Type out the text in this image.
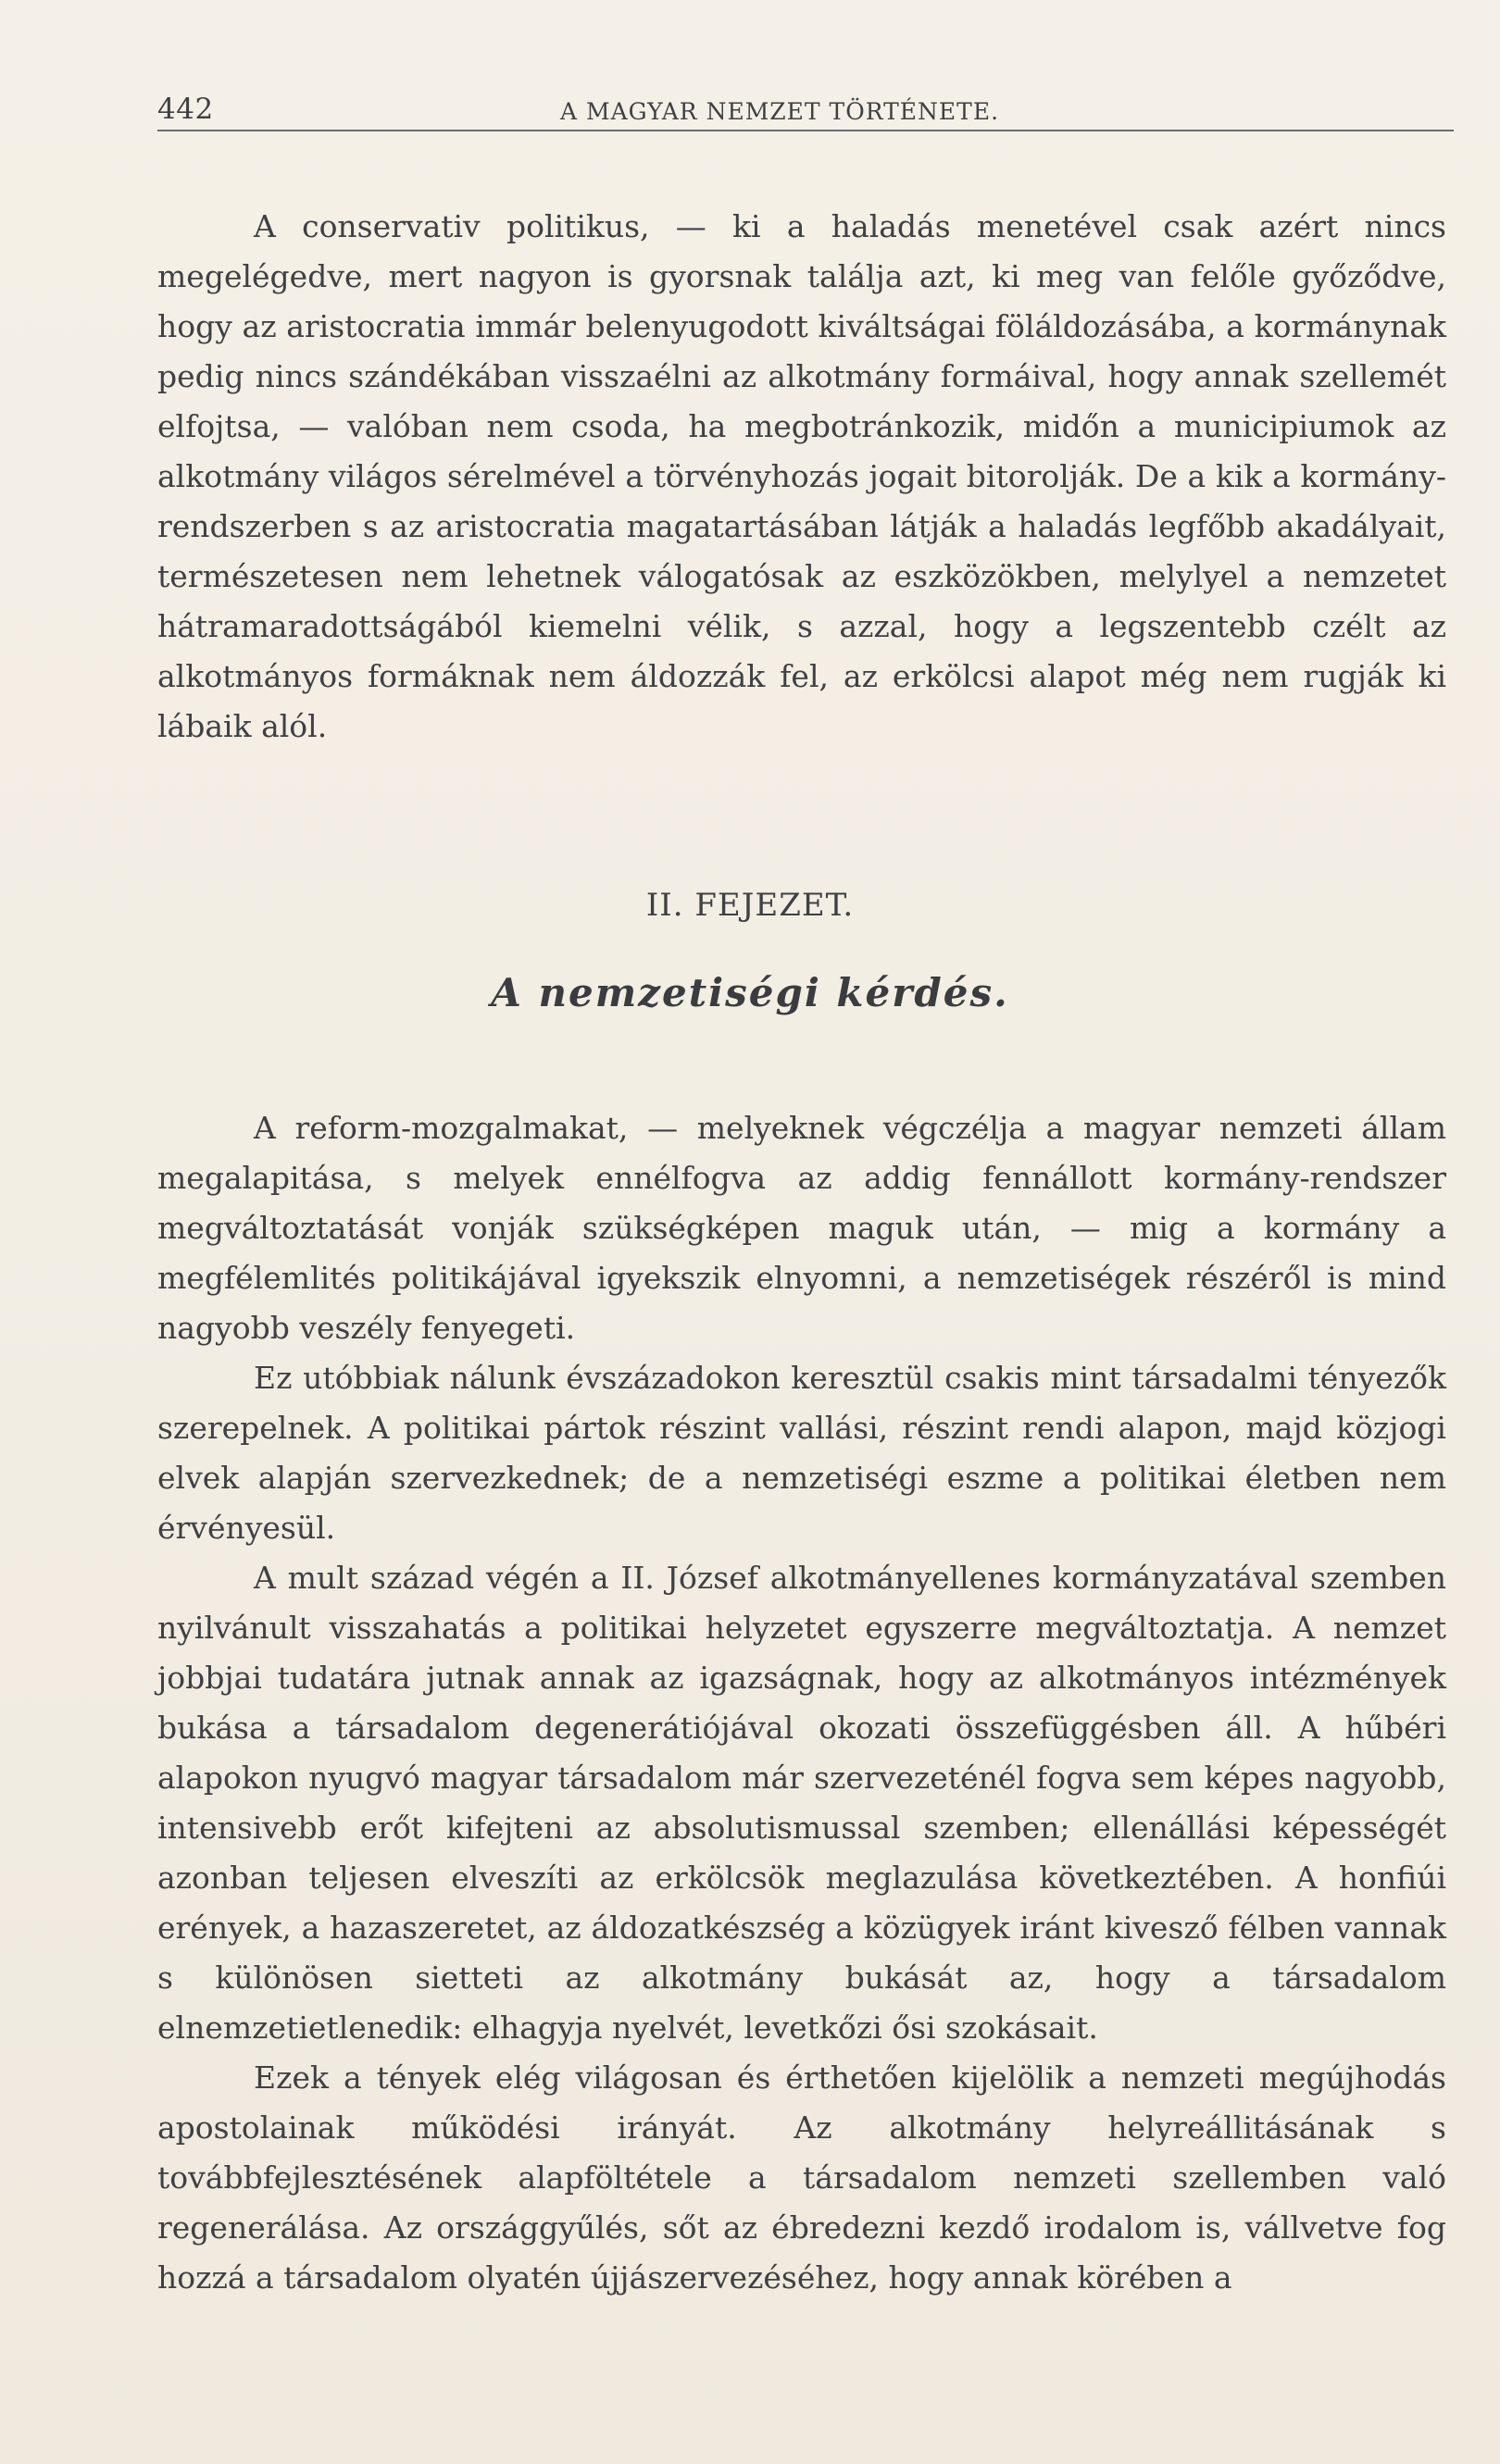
442	A MAGYAR NEMZET TÖRTÉNETE.

A conservativ politikus, — ki a haladás menetével csak azért nincs megelégedve, mert nagyon is gyorsnak találja azt, ki meg van felőle győződve, hogy az aristocratia immár belenyugodott kiváltságai föláldozásába, a kormánynak pedig nincs szándékában visszaélni az alkotmány formáival, hogy annak szellemét elfojtsa, — valóban nem csoda, ha megbotránkozik, midőn a municipiumok az alkotmány világos sérelmével a törvényhozás jogait bitorolják. De a kik a kormány-rendszerben s az aristocratia magatartásában látják a haladás legfőbb akadályait, természetesen nem lehetnek válogatósak az eszközökben, melylyel a nemzetet hátramaradottságából kiemelni vélik, s azzal, hogy a legszentebb czélt az alkotmányos formáknak nem áldozzák fel, az erkölcsi alapot még nem rugják ki lábaik alól.

II. FEJEZET.
A nemzetiségi kérdés.

A reform-mozgalmakat, — melyeknek végczélja a magyar nemzeti állam megalapitása, s melyek ennélfogva az addig fennállott kormány-rendszer megváltoztatását vonják szükségképen maguk után, — mig a kormány a megfélemlités politikájával igyekszik elnyomni, a nemzetiségek részéről is mind nagyobb veszély fenyegeti.

Ez utóbbiak nálunk évszázadokon keresztül csakis mint társadalmi tényezők szerepelnek. A politikai pártok részint vallási, részint rendi alapon, majd közjogi elvek alapján szervezkednek; de a nemzetiségi eszme a politikai életben nem érvényesül.

A mult század végén a II. József alkotmányellenes kormányzatával szemben nyilvánult visszahatás a politikai helyzetet egyszerre megváltoztatja. A nemzet jobbjai tudatára jutnak annak az igazságnak, hogy az alkotmányos intézmények bukása a társadalom degenerátiójával okozati összefüggésben áll. A hűbéri alapokon nyugvó magyar társadalom már szervezeténél fogva sem képes nagyobb, intensivebb erőt kifejteni az absolutismussal szemben; ellenállási képességét azonban teljesen elveszíti az erkölcsök meglazulása következtében. A honfiúi erények, a hazaszeretet, az áldozatkészség a közügyek iránt kivesző félben vannak s különösen sietteti az alkotmány bukását az, hogy a társadalom elnemzetietlenedik: elhagyja nyelvét, levetkőzi ősi szokásait.

Ezek a tények elég világosan és érthetően kijelölik a nemzeti megújhodás apostolainak működési irányát. Az alkotmány helyreállitásának s továbbfejlesztésének alapföltétele a társadalom nemzeti szellemben való regenerálása. Az országgyűlés, sőt az ébredezni kezdő irodalom is, vállvetve fog hozzá a társadalom olyatén újjászervezéséhez, hogy annak körében a
